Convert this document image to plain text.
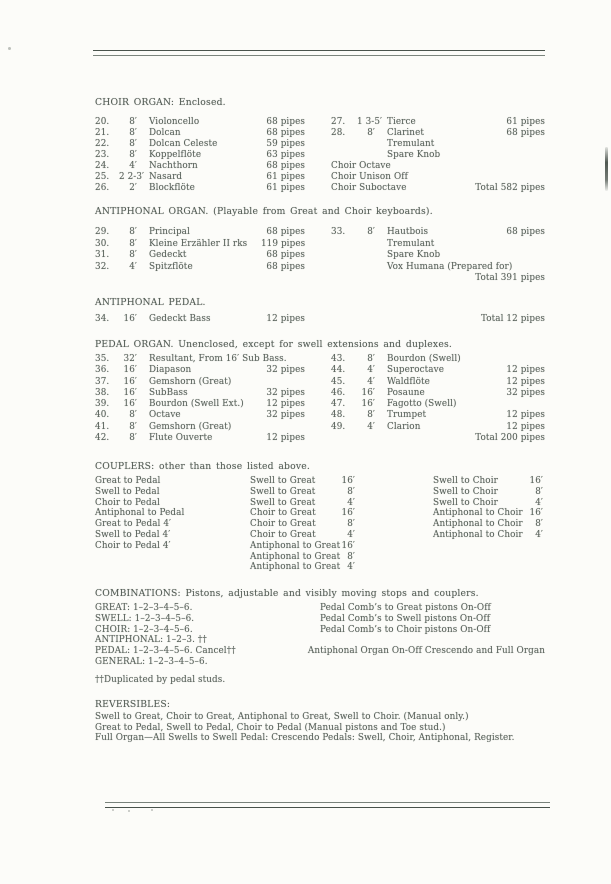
CHOIR ORGAN: Enclosed.
20.	8′	Violoncello	68 pipes
21.	8′	Dolcan	68 pipes
22.	8′	Dolcan Celeste	59 pipes
23.	8′	Koppelflöte	63 pipes
24.	4′	Nachthorn	68 pipes
25.	2 2-3′ Nasard	61 pipes
26.	2′	Blockflöte	61 pipes
27.	1 3-5′ Tierce	61 pipes
28.	8′	Clarinet	68 pipes
Tremulant
Spare Knob
Choir Octave
Choir Unison Off
Choir Suboctave	Total 582 pipes
ANTIPHONAL ORGAN. (Playable from Great and Choir keyboards).
29.	8′	Principal	68 pipes
30.	8′	Kleine Erzähler II rks	119 pipes
31.	8′	Gedeckt	68 pipes
32.	4′	Spitzflöte	68 pipes
33.	8′	Hautbois	68 pipes
Tremulant
Spare Knob
Vox Humana (Prepared for)
Total 391 pipes
ANTIPHONAL PEDAL.
34.	16′	Gedeckt Bass	12 pipes	Total 12 pipes
PEDAL ORGAN. Unenclosed, except for swell extensions and duplexes.
35.	32′	Resultant, From 16′ Sub Bass.
36.	16′	Diapason	32 pipes
37.	16′	Gemshorn (Great)
38.	16′	SubBass	32 pipes
39.	16′	Bourdon (Swell Ext.)	12 pipes
40.	8′	Octave	32 pipes
41.	8′	Gemshorn (Great)
42.	8′	Flute Ouverte	12 pipes
43.	8′	Bourdon (Swell)
44.	4′	Superoctave	12 pipes
45.	4′	Waldflöte	12 pipes
46.	16′	Posaune	32 pipes
47.	16′	Fagotto (Swell)
48.	8′	Trumpet	12 pipes
49.	4′	Clarion	12 pipes
Total 200 pipes
COUPLERS: other than those listed above.
Great to Pedal
Swell to Pedal
Choir to Pedal
Antiphonal to Pedal
Great to Pedal 4′
Swell to Pedal 4′
Choir to Pedal 4′
Swell to Great	16′
Swell to Great	8′
Swell to Great	4′
Choir to Great	16′
Choir to Great	8′
Choir to Great	4′
Antiphonal to Great 16′
Antiphonal to Great 8′
Antiphonal to Great 4′
Swell to Choir	16′
Swell to Choir	8′
Swell to Choir	4′
Antiphonal to Choir 16′
Antiphonal to Choir 8′
Antiphonal to Choir 4′
COMBINATIONS: Pistons, adjustable and visibly moving stops and couplers.
GREAT: 1–2–3–4–5–6.	Pedal Comb’s to Great pistons On-Off
SWELL: 1–2–3–4–5–6.	Pedal Comb’s to Swell pistons On-Off
CHOIR: 1–2–3–4–5–6.	Pedal Comb’s to Choir pistons On-Off
ANTIPHONAL: 1–2–3. ††
PEDAL: 1–2–3–4–5–6. Cancel††	Antiphonal Organ On-Off Crescendo and Full Organ
GENERAL: 1–2–3–4–5–6.
††Duplicated by pedal studs.
REVERSIBLES:
Swell to Great, Choir to Great, Antiphonal to Great, Swell to Choir. (Manual only.)
Great to Pedal, Swell to Pedal, Choir to Pedal (Manual pistons and Toe stud.)
Full Organ—All Swells to Swell Pedal: Crescendo Pedals: Swell, Choir, Antiphonal, Register.
